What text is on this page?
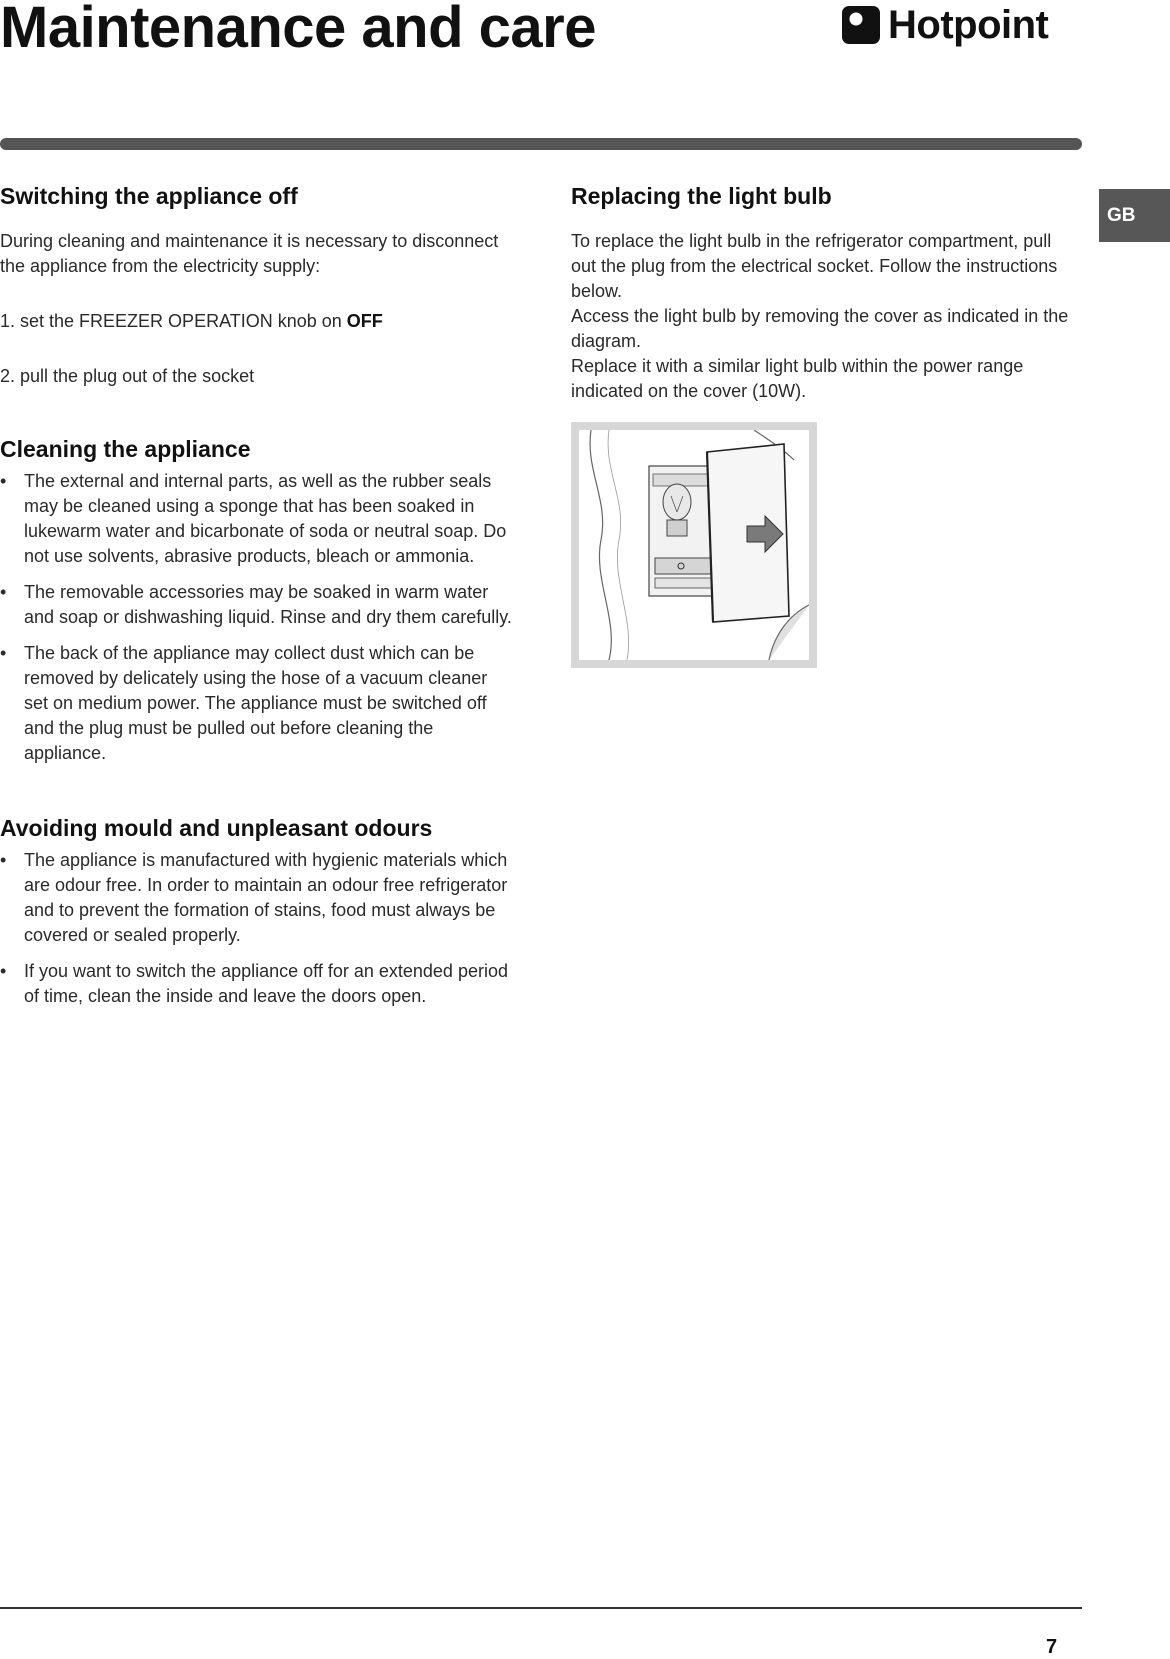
Maintenance and care	Hotpoint
GB
Switching the appliance off

During cleaning and maintenance it is necessary to disconnect the appliance from the electricity supply:

1. set the FREEZER OPERATION knob on OFF

2. pull the plug out of the socket

Cleaning the appliance
• The external and internal parts, as well as the rubber seals may be cleaned using a sponge that has been soaked in lukewarm water and bicarbonate of soda or neutral soap. Do not use solvents, abrasive products, bleach or ammonia.
• The removable accessories may be soaked in warm water and soap or dishwashing liquid. Rinse and dry them carefully.
• The back of the appliance may collect dust which can be removed by delicately using the hose of a vacuum cleaner set on medium power. The appliance must be switched off and the plug must be pulled out before cleaning the appliance.
Avoiding mould and unpleasant odours
• The appliance is manufactured with hygienic materials which are odour free. In order to maintain an odour free refrigerator and to prevent the formation of stains, food must always be covered or sealed properly.
• If you want to switch the appliance off for an extended period of time, clean the inside and leave the doors open.
Replacing the light bulb

To replace the light bulb in the refrigerator compartment, pull out the plug from the electrical socket. Follow the instructions below.

Access the light bulb by removing the cover as indicated in the diagram.

Replace it with a similar light bulb within the power range indicated on the cover (10W).

7
